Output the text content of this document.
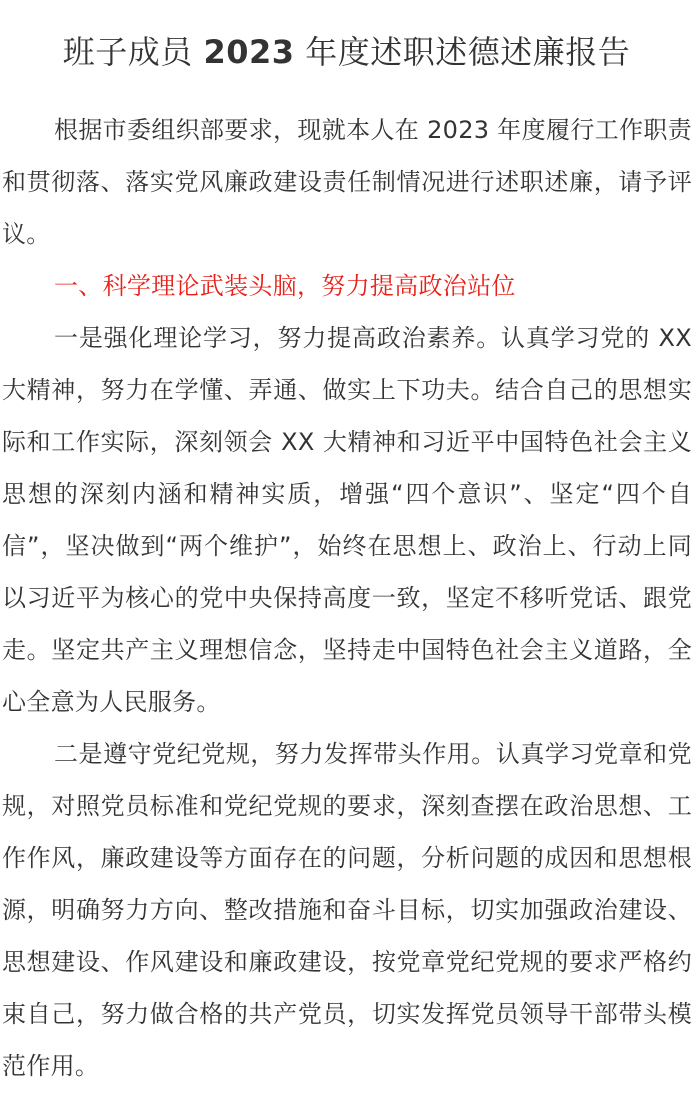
班子成员 2023 年度述职述德述廉报告

根据市委组织部要求，现就本人在 2023 年度履行工作职责和贯彻落、落实党风廉政建设责任制情况进行述职述廉，请予评议。

一、科学理论武装头脑，努力提高政治站位

一是强化理论学习，努力提高政治素养。认真学习党的 XX 大精神，努力在学懂、弄通、做实上下功夫。结合自己的思想实际和工作实际，深刻领会 XX 大精神和习近平中国特色社会主义思想的深刻内涵和精神实质，增强“四个意识”、坚定“四个自信”，坚决做到“两个维护”，始终在思想上、政治上、行动上同以习近平为核心的党中央保持高度一致，坚定不移听党话、跟党走。坚定共产主义理想信念，坚持走中国特色社会主义道路，全心全意为人民服务。

二是遵守党纪党规，努力发挥带头作用。认真学习党章和党规，对照党员标准和党纪党规的要求，深刻查摆在政治思想、工作作风，廉政建设等方面存在的问题，分析问题的成因和思想根源，明确努力方向、整改措施和奋斗目标，切实加强政治建设、思想建设、作风建设和廉政建设，按党章党纪党规的要求严格约束自己，努力做合格的共产党员，切实发挥党员领导干部带头模范作用。
